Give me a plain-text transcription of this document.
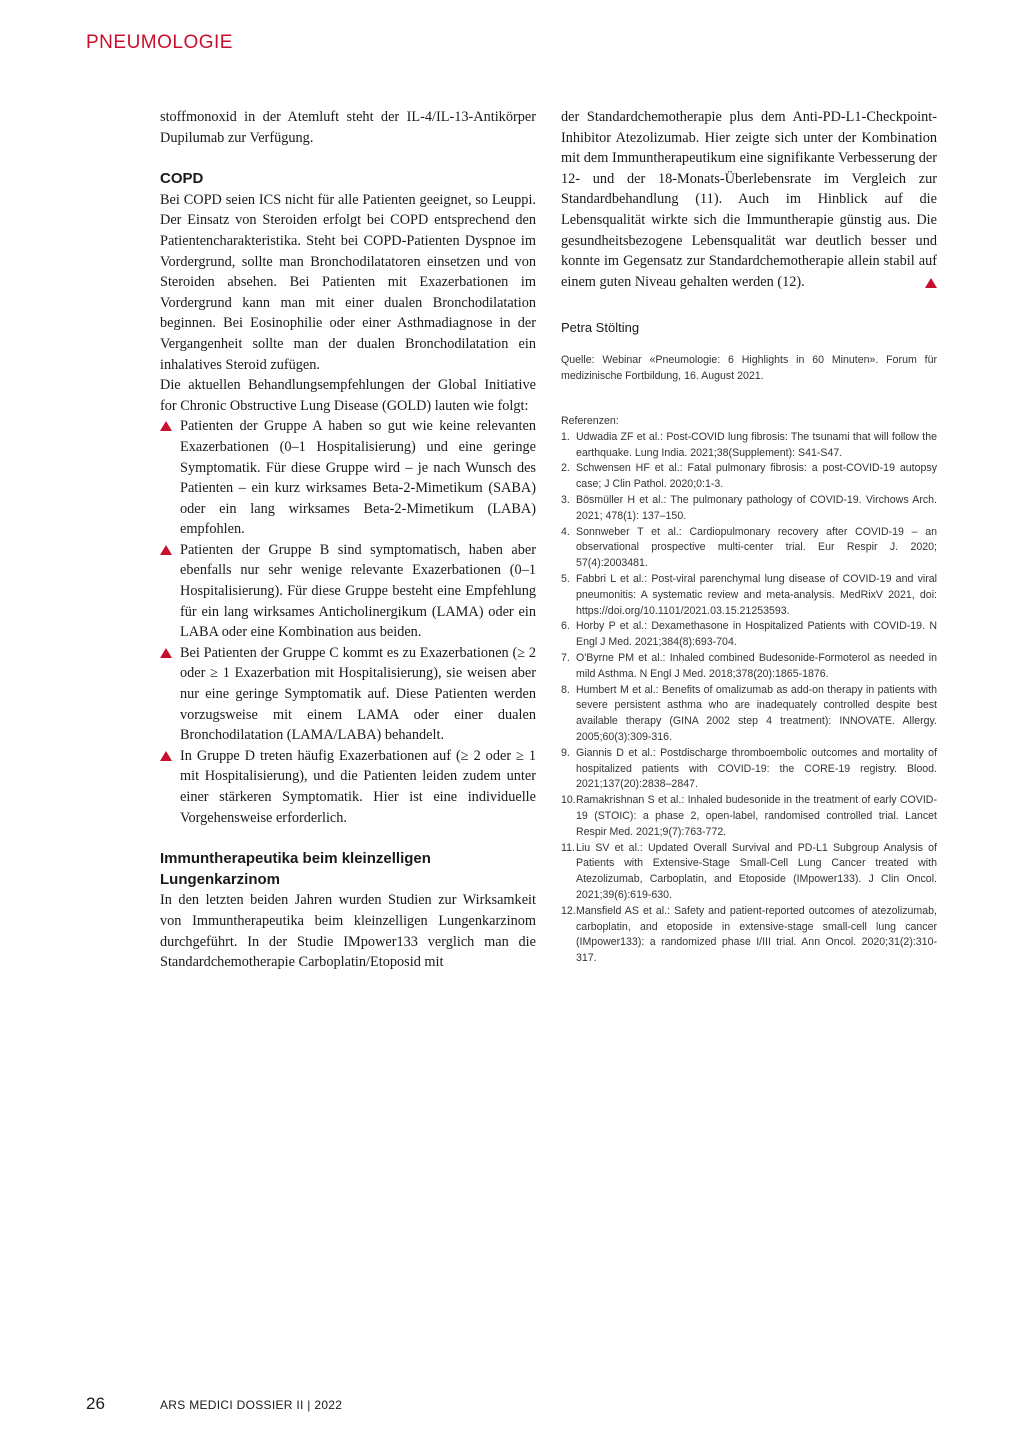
PNEUMOLOGIE

stoffmonoxid in der Atemluft steht der IL-4/IL-13-Antikörper Dupilumab zur Verfügung.

COPD

Bei COPD seien ICS nicht für alle Patienten geeignet, so Leuppi. Der Einsatz von Steroiden erfolgt bei COPD entsprechend den Patientencharakteristika. Steht bei COPD-Patienten Dyspnoe im Vordergrund, sollte man Bronchodilatatoren einsetzen und von Steroiden absehen. Bei Patienten mit Exazerbationen im Vordergrund kann man mit einer dualen Bronchodilatation beginnen. Bei Eosinophilie oder einer Asthmadiagnose in der Vergangenheit sollte man der dualen Bronchodilatation ein inhalatives Steroid zufügen.

Die aktuellen Behandlungsempfehlungen der Global Initiative for Chronic Obstructive Lung Disease (GOLD) lauten wie folgt:

Patienten der Gruppe A haben so gut wie keine relevanten Exazerbationen (0–1 Hospitalisierung) und eine geringe Symptomatik. Für diese Gruppe wird – je nach Wunsch des Patienten – ein kurz wirksames Beta-2-Mimetikum (SABA) oder ein lang wirksames Beta-2-Mimetikum (LABA) empfohlen.

Patienten der Gruppe B sind symptomatisch, haben aber ebenfalls nur sehr wenige relevante Exazerbationen (0–1 Hospitalisierung). Für diese Gruppe besteht eine Empfehlung für ein lang wirksames Anticholinergikum (LAMA) oder ein LABA oder eine Kombination aus beiden.

Bei Patienten der Gruppe C kommt es zu Exazerbationen (≥ 2 oder ≥ 1 Exazerbation mit Hospitalisierung), sie weisen aber nur eine geringe Symptomatik auf. Diese Patienten werden vorzugsweise mit einem LAMA oder einer dualen Bronchodilatation (LAMA/LABA) behandelt.

In Gruppe D treten häufig Exazerbationen auf (≥ 2 oder ≥ 1 mit Hospitalisierung), und die Patienten leiden zudem unter einer stärkeren Symptomatik. Hier ist eine individuelle Vorgehensweise erforderlich.

Immuntherapeutika beim kleinzelligen Lungenkarzinom

In den letzten beiden Jahren wurden Studien zur Wirksamkeit von Immuntherapeutika beim kleinzelligen Lungenkarzinom durchgeführt. In der Studie IMpower133 verglich man die Standardchemotherapie Carboplatin/Etoposid mit

der Standardchemotherapie plus dem Anti-PD-L1-Checkpoint-Inhibitor Atezolizumab. Hier zeigte sich unter der Kombination mit dem Immuntherapeutikum eine signifikante Verbesserung der 12- und der 18-Monats-Überlebensrate im Vergleich zur Standardbehandlung (11). Auch im Hinblick auf die Lebensqualität wirkte sich die Immuntherapie günstig aus. Die gesundheitsbezogene Lebensqualität war deutlich besser und konnte im Gegensatz zur Standardchemotherapie allein stabil auf einem guten Niveau gehalten werden (12).

Petra Stölting
Quelle: Webinar «Pneumologie: 6 Highlights in 60 Minuten». Forum für medizinische Fortbildung, 16. August 2021.
Referenzen:
1. Udwadia ZF et al.: Post-COVID lung fibrosis: The tsunami that will follow the earthquake. Lung India. 2021;38(Supplement): S41-S47.
2. Schwensen HF et al.: Fatal pulmonary fibrosis: a post-COVID-19 autopsy case; J Clin Pathol. 2020;0:1-3.
3. Bösmüller H et al.: The pulmonary pathology of COVID-19. Virchows Arch. 2021; 478(1): 137–150.
4. Sonnweber T et al.: Cardiopulmonary recovery after COVID-19 – an observational prospective multi-center trial. Eur Respir J. 2020; 57(4):2003481.
5. Fabbri L et al.: Post-viral parenchymal lung disease of COVID-19 and viral pneumonitis: A systematic review and meta-analysis. MedRixV 2021, doi: https://doi.org/10.1101/2021.03.15.21253593.
6. Horby P et al.: Dexamethasone in Hospitalized Patients with COVID-19. N Engl J Med. 2021;384(8):693-704.
7. O'Byrne PM et al.: Inhaled combined Budesonide-Formoterol as needed in mild Asthma. N Engl J Med. 2018;378(20):1865-1876.
8. Humbert M et al.: Benefits of omalizumab as add-on therapy in patients with severe persistent asthma who are inadequately controlled despite best available therapy (GINA 2002 step 4 treatment): INNOVATE. Allergy. 2005;60(3):309-316.
9. Giannis D et al.: Postdischarge thromboembolic outcomes and mortality of hospitalized patients with COVID-19: the CORE-19 registry. Blood. 2021;137(20):2838–2847.
10. Ramakrishnan S et al.: Inhaled budesonide in the treatment of early COVID-19 (STOIC): a phase 2, open-label, randomised controlled trial. Lancet Respir Med. 2021;9(7):763-772.
11. Liu SV et al.: Updated Overall Survival and PD-L1 Subgroup Analysis of Patients with Extensive-Stage Small-Cell Lung Cancer treated with Atezolizumab, Carboplatin, and Etoposide (IMpower133). J Clin Oncol. 2021;39(6):619-630.
12. Mansfield AS et al.: Safety and patient-reported outcomes of atezolizumab, carboplatin, and etoposide in extensive-stage small-cell lung cancer (IMpower133): a randomized phase I/III trial. Ann Oncol. 2020;31(2):310-317.
26	ARS MEDICI DOSSIER II | 2022
